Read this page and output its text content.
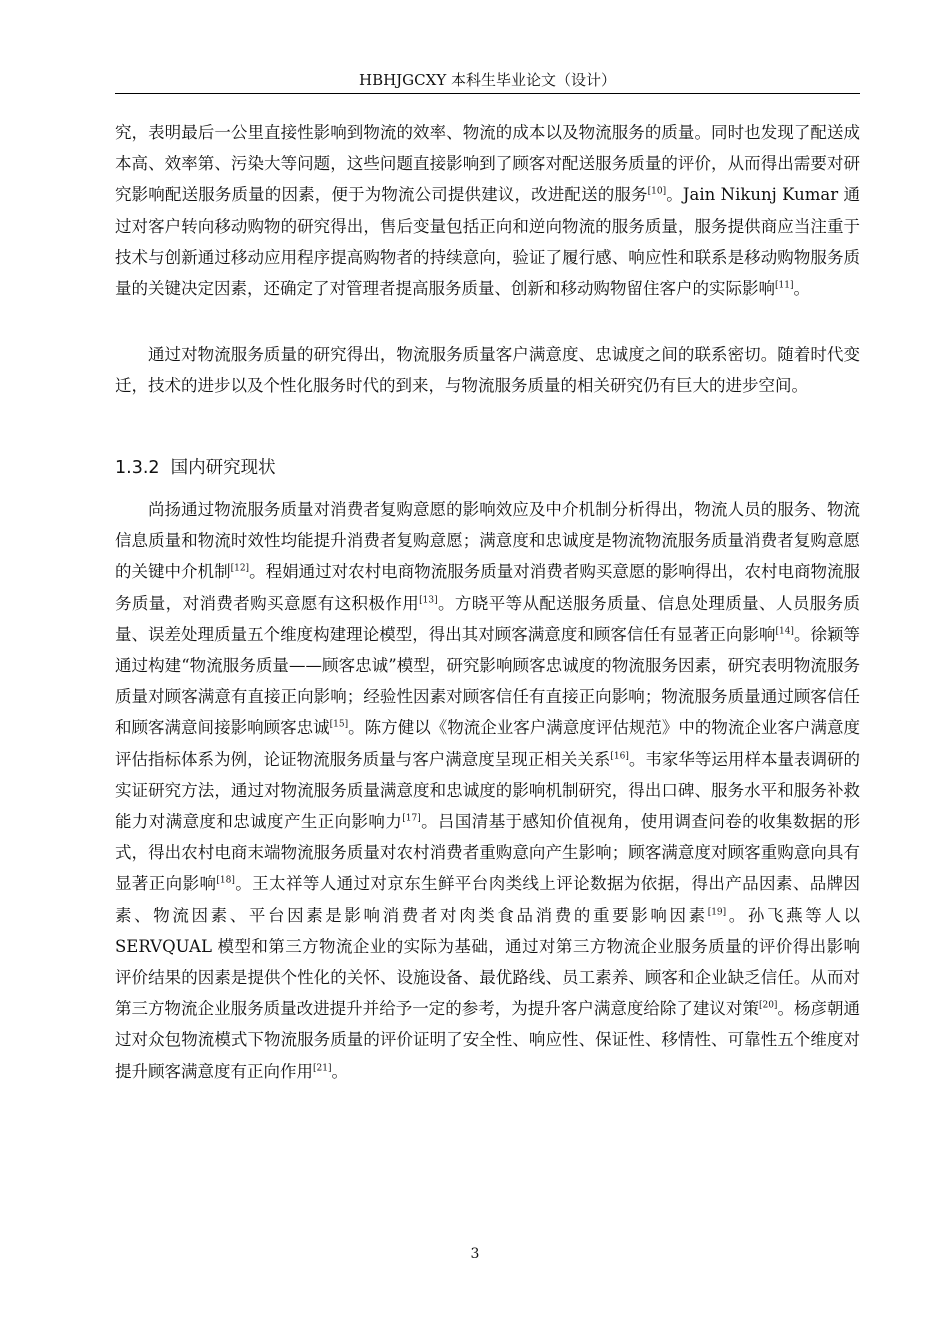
HBHJGCXY 本科生毕业论文（设计）

究，表明最后一公里直接性影响到物流的效率、物流的成本以及物流服务的质量。同时也发现了配送成本高、效率第、污染大等问题，这些问题直接影响到了顾客对配送服务质量的评价，从而得出需要对研究影响配送服务质量的因素，便于为物流公司提供建议，改进配送的服务[10]。Jain Nikunj Kumar 通过对客户转向移动购物的研究得出，售后变量包括正向和逆向物流的服务质量，服务提供商应当注重于技术与创新通过移动应用程序提高购物者的持续意向，验证了履行感、响应性和联系是移动购物服务质量的关键决定因素，还确定了对管理者提高服务质量、创新和移动购物留住客户的实际影响[11]。

通过对物流服务质量的研究得出，物流服务质量客户满意度、忠诚度之间的联系密切。随着时代变迁，技术的进步以及个性化服务时代的到来，与物流服务质量的相关研究仍有巨大的进步空间。

1.3.2 国内研究现状

尚扬通过物流服务质量对消费者复购意愿的影响效应及中介机制分析得出，物流人员的服务、物流信息质量和物流时效性均能提升消费者复购意愿；满意度和忠诚度是物流物流服务质量消费者复购意愿的关键中介机制[12]。程娟通过对农村电商物流服务质量对消费者购买意愿的影响得出，农村电商物流服务质量，对消费者购买意愿有这积极作用[13]。方晓平等从配送服务质量、信息处理质量、人员服务质量、误差处理质量五个维度构建理论模型，得出其对顾客满意度和顾客信任有显著正向影响[14]。徐颖等通过构建“物流服务质量——顾客忠诚”模型，研究影响顾客忠诚度的物流服务因素，研究表明物流服务质量对顾客满意有直接正向影响；经验性因素对顾客信任有直接正向影响；物流服务质量通过顾客信任和顾客满意间接影响顾客忠诚[15]。陈方健以《物流企业客户满意度评估规范》中的物流企业客户满意度评估指标体系为例，论证物流服务质量与客户满意度呈现正相关关系[16]。韦家华等运用样本量表调研的实证研究方法，通过对物流服务质量满意度和忠诚度的影响机制研究，得出口碑、服务水平和服务补救能力对满意度和忠诚度产生正向影响力[17]。吕国清基于感知价值视角，使用调查问卷的收集数据的形式，得出农村电商末端物流服务质量对农村消费者重购意向产生影响；顾客满意度对顾客重购意向具有显著正向影响[18]。王太祥等人通过对京东生鲜平台肉类线上评论数据为依据，得出产品因素、品牌因素、物流因素、平台因素是影响消费者对肉类食品消费的重要影响因素[19]。孙飞燕等人以 SERVQUAL 模型和第三方物流企业的实际为基础，通过对第三方物流企业服务质量的评价得出影响评价结果的因素是提供个性化的关怀、设施设备、最优路线、员工素养、顾客和企业缺乏信任。从而对第三方物流企业服务质量改进提升并给予一定的参考，为提升客户满意度给除了建议对策[20]。杨彦朝通过对众包物流模式下物流服务质量的评价证明了安全性、响应性、保证性、移情性、可靠性五个维度对提升顾客满意度有正向作用[21]。

3
